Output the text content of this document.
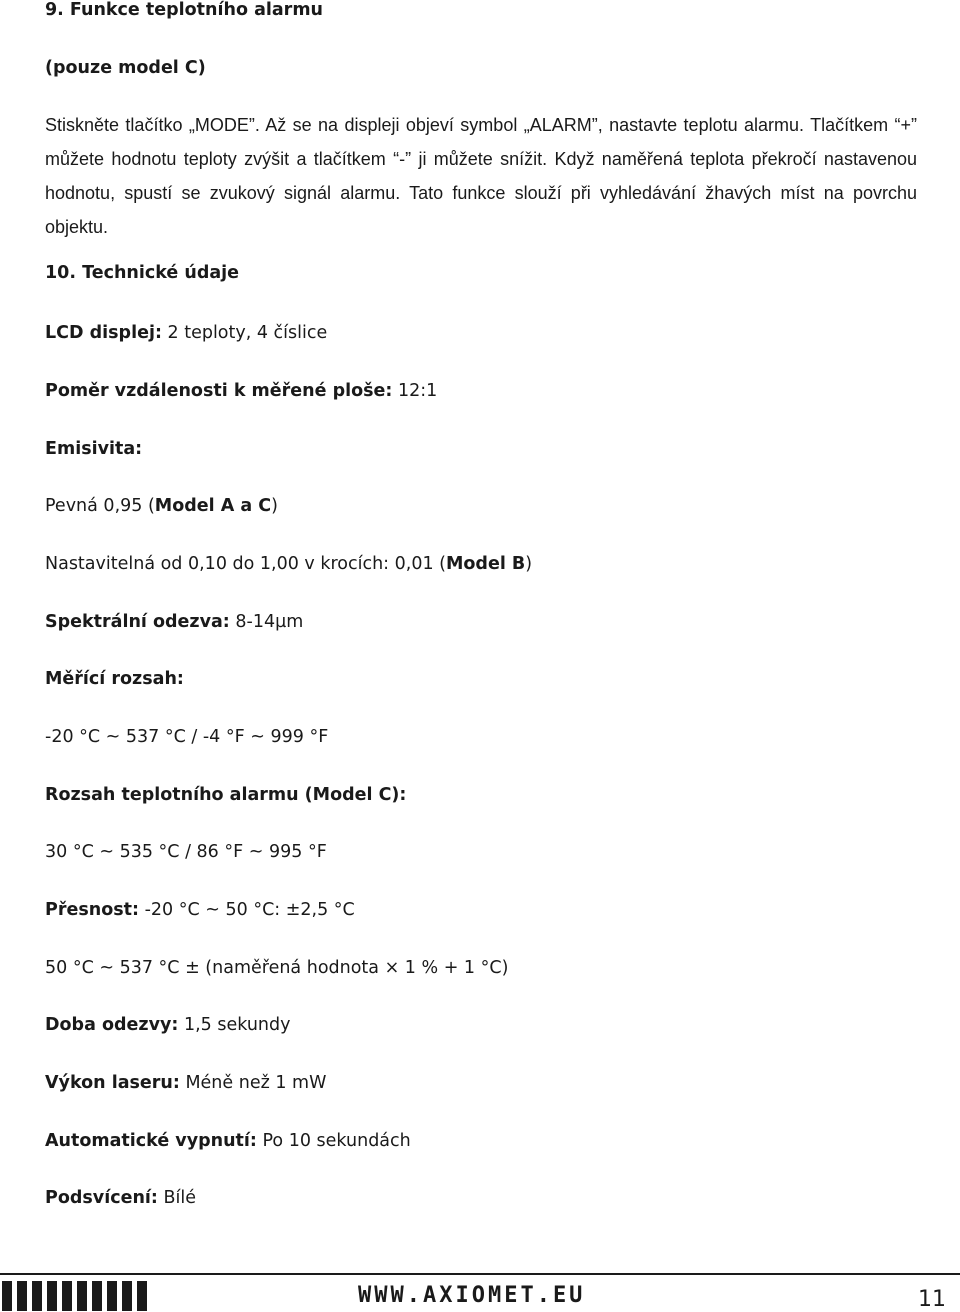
9. Funkce teplotního alarmu
(pouze model C)
Stiskněte tlačítko „MODE”. Až se na displeji objeví symbol „ALARM”, nastavte teplotu alarmu. Tlačítkem “+” můžete hodnotu teploty zvýšit a tlačítkem “-” ji můžete snížit. Když naměřená teplota překročí nastavenou hodnotu, spustí se zvukový signál alarmu. Tato funkce slouží při vyhledávání žhavých míst na povrchu objektu.
10. Technické údaje
LCD displej: 2 teploty, 4 číslice
Poměr vzdálenosti k měřené ploše: 12:1
Emisivita:
Pevná 0,95 (Model A a C)
Nastavitelná od 0,10 do 1,00 v krocích: 0,01 (Model B)
Spektrální odezva: 8-14µm
Měřící rozsah:
-20 °C ~ 537 °C / -4 °F ~ 999 °F
Rozsah teplotního alarmu (Model C):
30 °C ~ 535 °C / 86 °F ~ 995 °F
Přesnost: -20 °C ~ 50 °C: ±2,5 °C
50 °C ~ 537 °C ± (naměřená hodnota × 1 % + 1 °C)
Doba odezvy: 1,5 sekundy
Výkon laseru: Méně než 1 mW
Automatické vypnutí: Po 10 sekundách
Podsvícení: Bílé
WWW.AXIOMET.EU	11
